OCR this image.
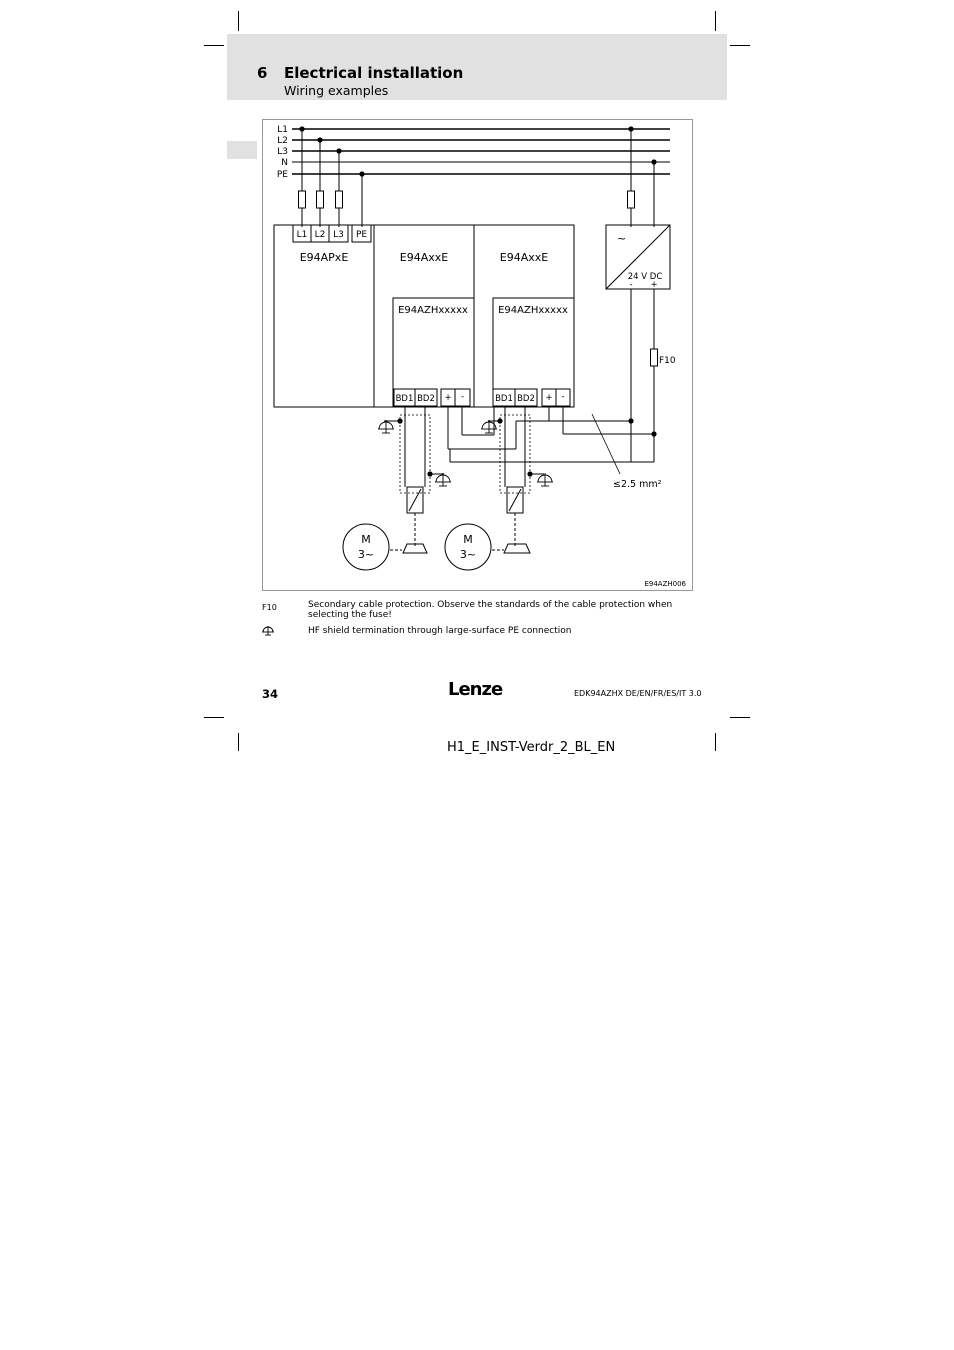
6 Electrical installation
Wiring examples
L1
L2
L3
N
PE
L1 L2 L3 PE
E94APxE	E94AxxE	E94AxxE
E94AZHxxxxx	E94AZHxxxxx
BD1 BD2 + -	BD1 BD2 + -
~
24 V DC
- +
F10
≤2.5 mm²
M
3~
M
3~
E94AZH006
F10	Secondary cable protection. Observe the standards of the cable protection when selecting the fuse!
HF shield termination through large-surface PE connection
34	Lenze	EDK94AZHX DE/EN/FR/ES/IT 3.0
H1_E_INST-Verdr_2_BL_EN
